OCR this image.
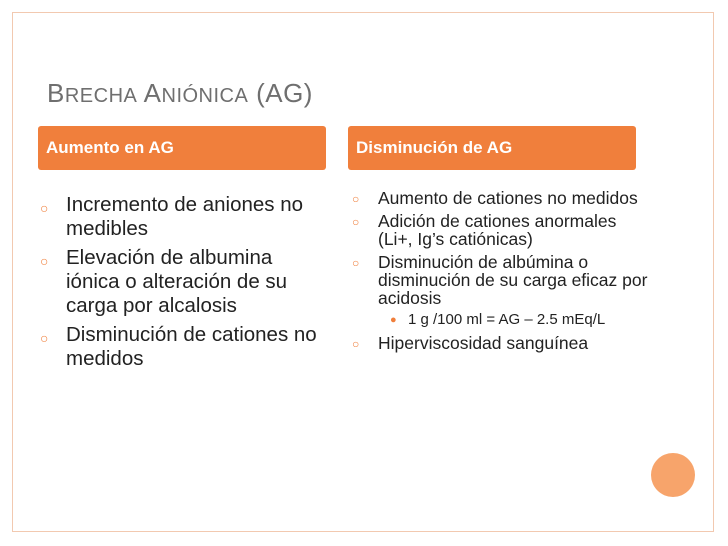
BRECHA ANIÓNICA (AG)
Aumento en AG	Disminución de AG
○ Incremento de aniones no medibles
○ Elevación de albumina iónica o alteración de su carga por alcalosis
○ Disminución de cationes no medidos
○ Aumento de cationes no medidos
○ Adición de cationes anormales (Li+, Ig’s catiónicas)
○ Disminución de albúmina o disminución de su carga eficaz por acidosis
● 1 g /100 ml = AG – 2.5 mEq/L
○ Hiperviscosidad sanguínea
